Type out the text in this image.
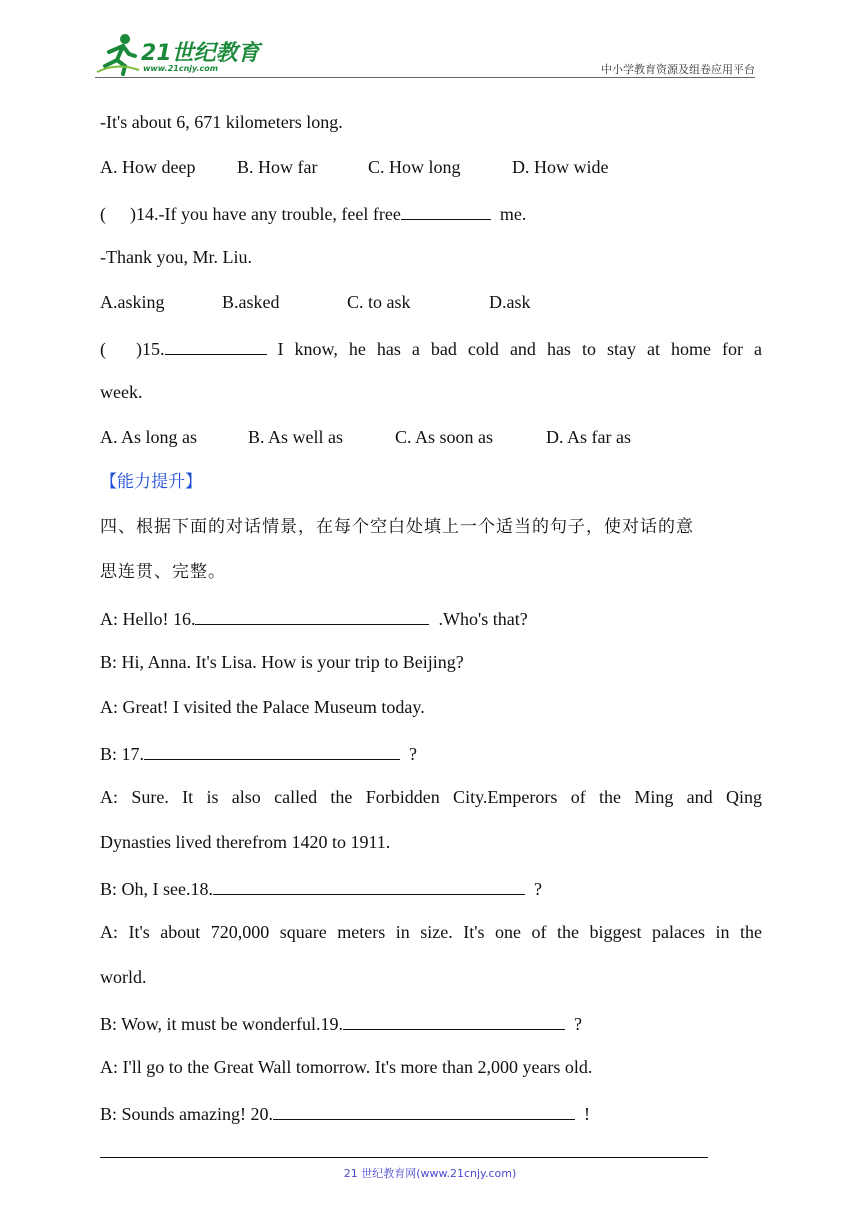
21世纪教育
www.21cnjy.com	中小学教育资源及组卷应用平台
-It's about 6, 671 kilometers long.
A. How deep B. How far	C. How long	D. How wide
( )14.-If you have any trouble, feel free	me.
-Thank you, Mr. Liu.
A.asking	B.asked	C. to ask	D.ask
( )15.	I know, he has a bad cold and has to stay at home for a
week.
A. As long as	B. As well as	C. As soon as	D. As far as
【能力提升】
四、根据下面的对话情景，在每个空白处填上一个适当的句子，使对话的意
思连贯、完整。
A: Hello! 16.	.Who's that?
B: Hi, Anna. It's Lisa. How is your trip to Beijing?
A: Great! I visited the Palace Museum today.
B: 17.	?
A: Sure. It is also called the Forbidden City.Emperors of the Ming and Qing
Dynasties lived therefrom 1420 to 1911.
B: Oh, I see.18.	?
A: It's about 720,000 square meters in size. It's one of the biggest palaces in the
world.
B: Wow, it must be wonderful.19.	?
A: I'll go to the Great Wall tomorrow. It's more than 2,000 years old.
B: Sounds amazing! 20.	!
21 世纪教育网(www.21cnjy.com)
